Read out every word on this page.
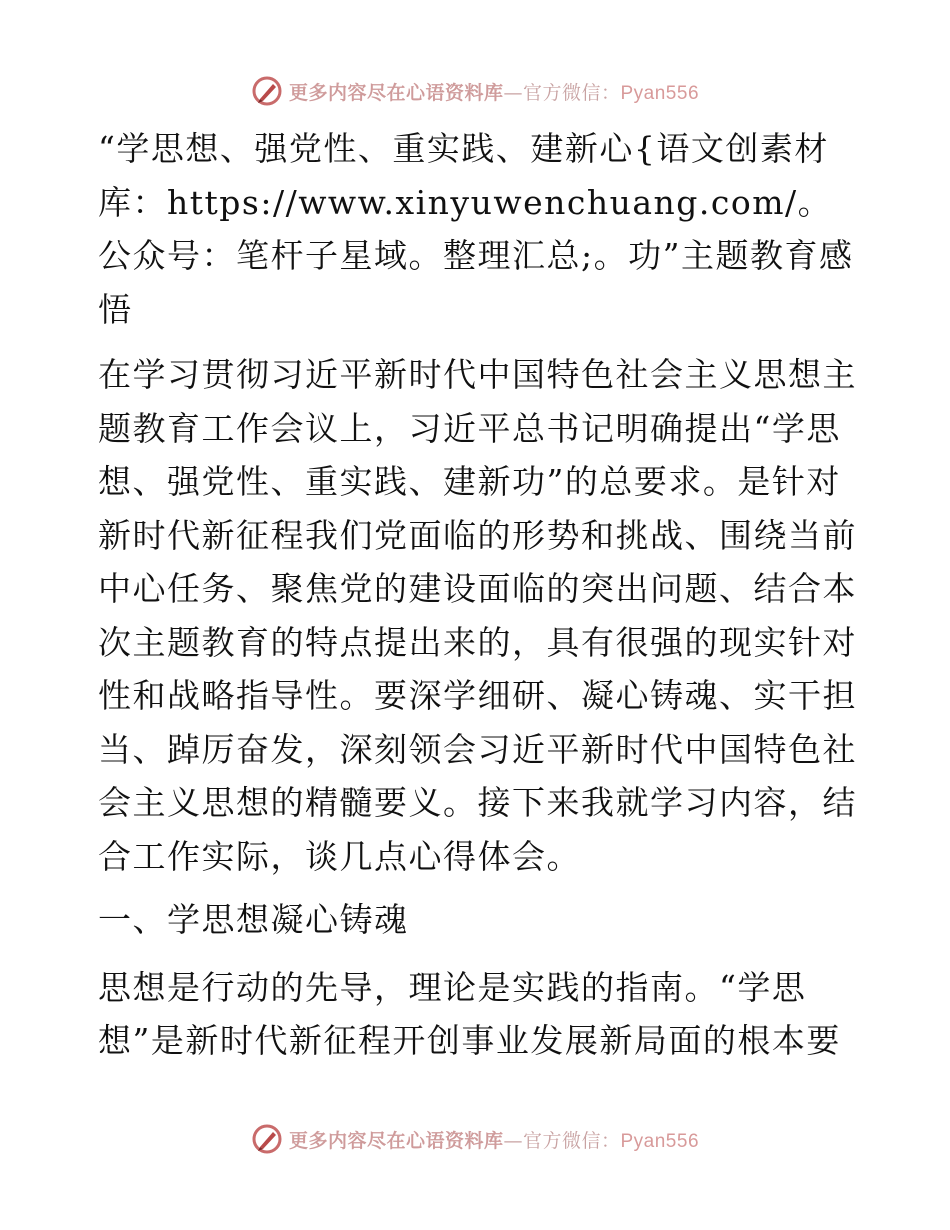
更多内容尽在心语资料库—官方微信：Pyan556

“学思想、强党性、重实践、建新心{语文创素材库：https://www.xinyuwenchuang.com/。公众号：笔杆子星域。整理汇总;。功”主题教育感悟

在学习贯彻习近平新时代中国特色社会主义思想主题教育工作会议上，习近平总书记明确提出“学思想、强党性、重实践、建新功”的总要求。是针对新时代新征程我们党面临的形势和挑战、围绕当前中心任务、聚焦党的建设面临的突出问题、结合本次主题教育的特点提出来的，具有很强的现实针对性和战略指导性。要深学细研、凝心铸魂、实干担当、踔厉奋发，深刻领会习近平新时代中国特色社会主义思想的精髓要义。接下来我就学习内容，结合工作实际，谈几点心得体会。

一、学思想凝心铸魂

思想是行动的先导，理论是实践的指南。“学思想”是新时代新征程开创事业发展新局面的根本要

更多内容尽在心语资料库—官方微信：Pyan556
